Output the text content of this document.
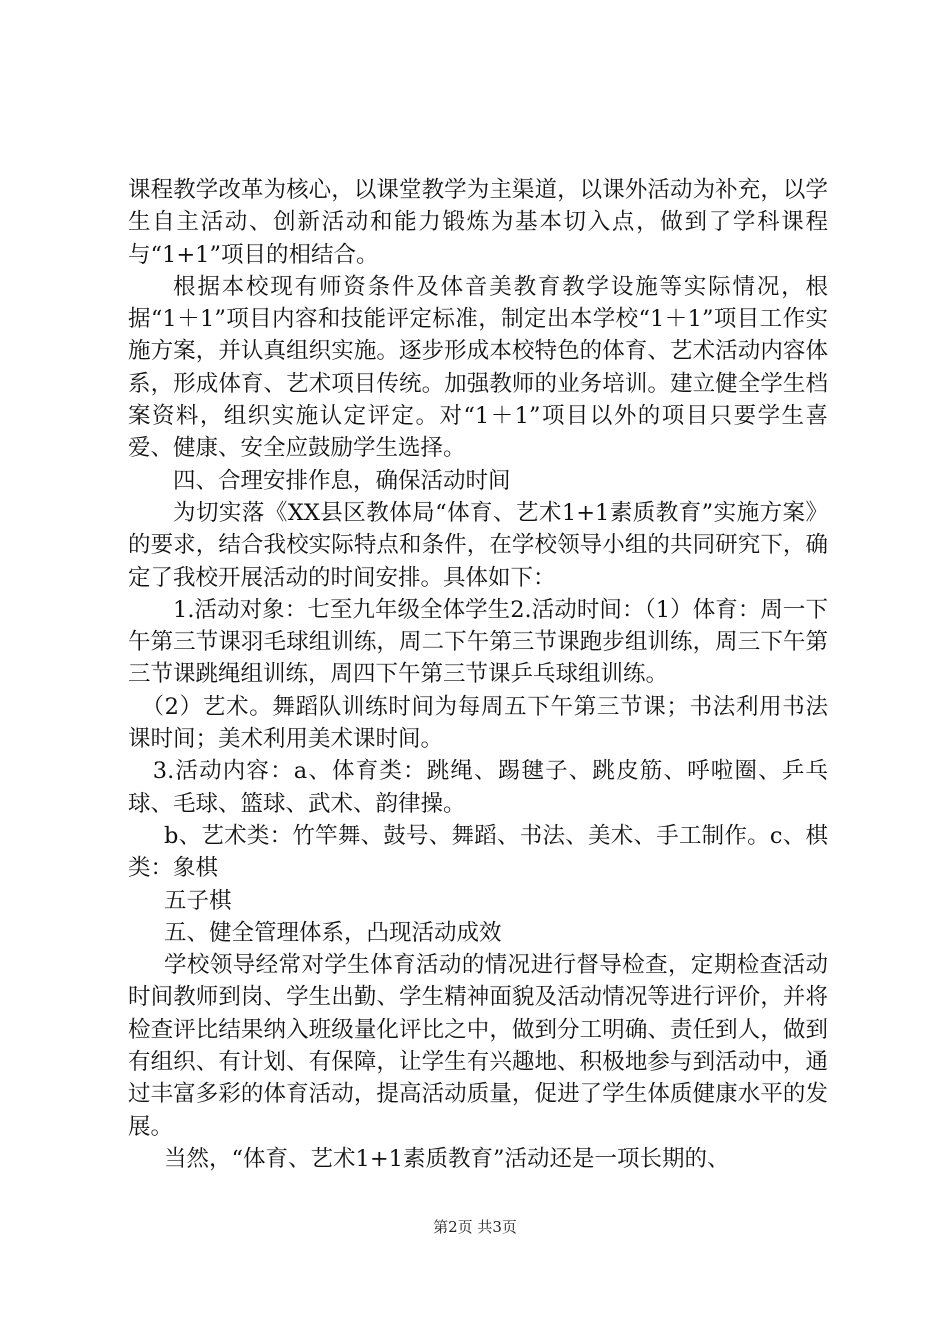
课程教学改革为核心，以课堂教学为主渠道，以课外活动为补充，以学生自主活动、创新活动和能力锻炼为基本切入点，做到了学科课程与“1+1”项目的相结合。

根据本校现有师资条件及体音美教育教学设施等实际情况，根据“1＋1”项目内容和技能评定标准，制定出本学校“1＋1”项目工作实施方案，并认真组织实施。逐步形成本校特色的体育、艺术活动内容体系，形成体育、艺术项目传统。加强教师的业务培训。建立健全学生档案资料，组织实施认定评定。对“1＋1”项目以外的项目只要学生喜爱、健康、安全应鼓励学生选择。

四、合理安排作息，确保活动时间

为切实落《XX县区教体局“体育、艺术1+1素质教育”实施方案》的要求，结合我校实际特点和条件，在学校领导小组的共同研究下，确定了我校开展活动的时间安排。具体如下：

1.活动对象：七至九年级全体学生2.活动时间：（1）体育：周一下午第三节课羽毛球组训练，周二下午第三节课跑步组训练，周三下午第三节课跳绳组训练，周四下午第三节课乒乓球组训练。

（2）艺术。舞蹈队训练时间为每周五下午第三节课；书法利用书法课时间；美术利用美术课时间。

3.活动内容：a、体育类：跳绳、踢毽子、跳皮筋、呼啦圈、乒乓球、毛球、篮球、武术、韵律操。

b、艺术类：竹竿舞、鼓号、舞蹈、书法、美术、手工制作。c、棋类：象棋

五子棋

五、健全管理体系，凸现活动成效

学校领导经常对学生体育活动的情况进行督导检查，定期检查活动时间教师到岗、学生出勤、学生精神面貌及活动情况等进行评价，并将检查评比结果纳入班级量化评比之中，做到分工明确、责任到人，做到有组织、有计划、有保障，让学生有兴趣地、积极地参与到活动中，通过丰富多彩的体育活动，提高活动质量，促进了学生体质健康水平的发展。

当然，“体育、艺术1+1素质教育”活动还是一项长期的、

第2页 共3页
